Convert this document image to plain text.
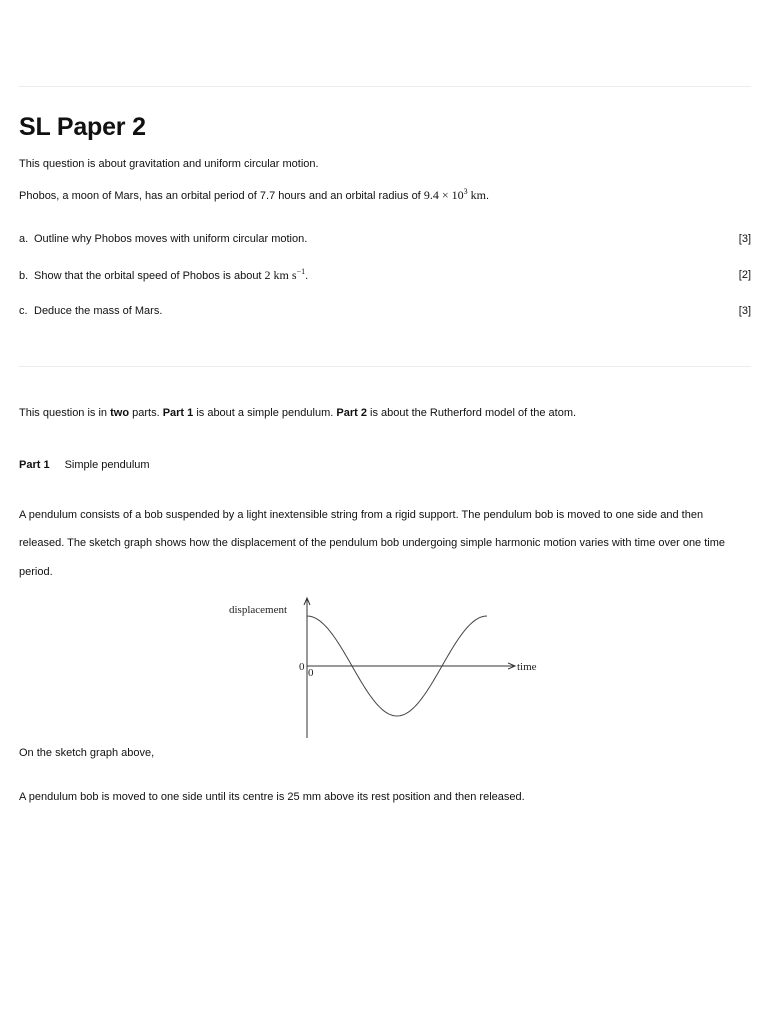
SL Paper 2
This question is about gravitation and uniform circular motion.
Phobos, a moon of Mars, has an orbital period of 7.7 hours and an orbital radius of $9.4 \times 10^3$ km.
a. Outline why Phobos moves with uniform circular motion.	[3]
b. Show that the orbital speed of Phobos is about 2 km $s^{-1}$.	[2]
c. Deduce the mass of Mars.	[3]
This question is in two parts. Part 1 is about a simple pendulum. Part 2 is about the Rutherford model of the atom.
Part 1 Simple pendulum
A pendulum consists of a bob suspended by a light inextensible string from a rigid support. The pendulum bob is moved to one side and then
released. The sketch graph shows how the displacement of the pendulum bob undergoing simple harmonic motion varies with time over one time
period.
displacement
time
0 0
On the sketch graph above,
A pendulum bob is moved to one side until its centre is 25 mm above its rest position and then released.
